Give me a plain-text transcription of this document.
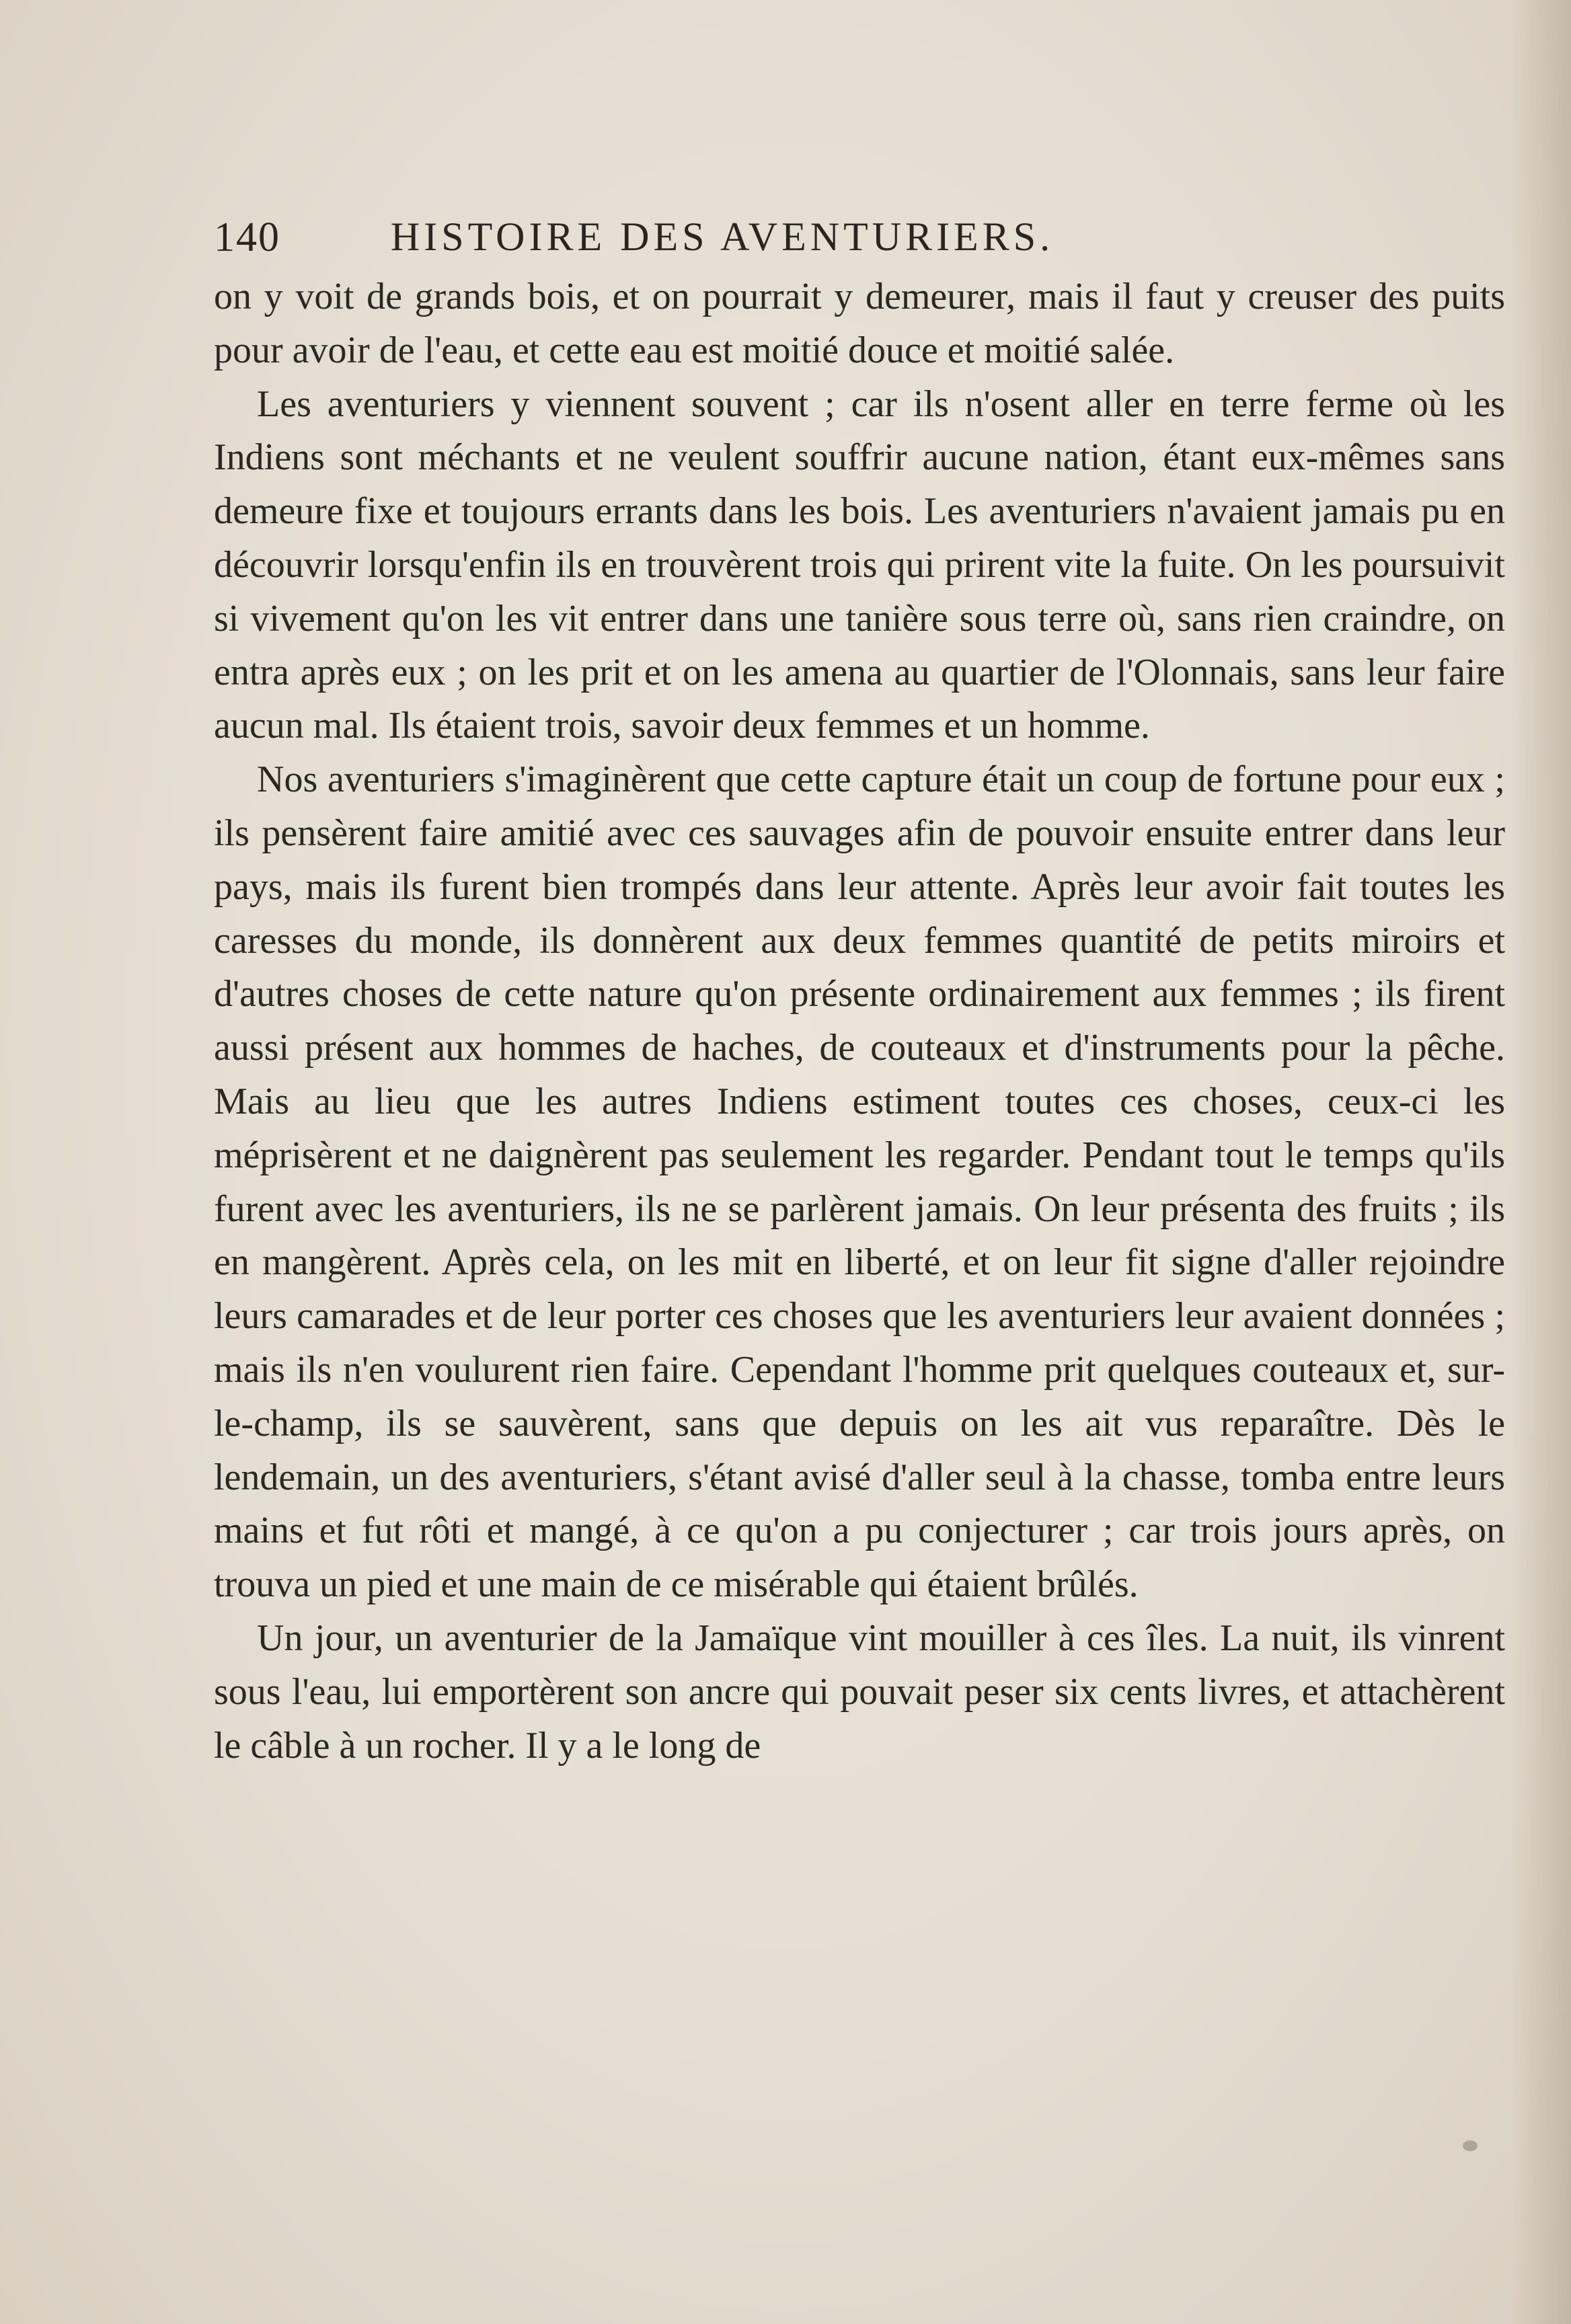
140	HISTOIRE DES AVENTURIERS.

on y voit de grands bois, et on pourrait y demeurer, mais il faut y creuser des puits pour avoir de l'eau, et cette eau est moitié douce et moitié salée.

Les aventuriers y viennent souvent ; car ils n'osent aller en terre ferme où les Indiens sont méchants et ne veulent souffrir aucune nation, étant eux-mêmes sans demeure fixe et toujours errants dans les bois. Les aventuriers n'avaient jamais pu en découvrir lorsqu'enfin ils en trouvèrent trois qui prirent vite la fuite. On les poursuivit si vivement qu'on les vit entrer dans une tanière sous terre où, sans rien craindre, on entra après eux ; on les prit et on les amena au quartier de l'Olonnais, sans leur faire aucun mal. Ils étaient trois, savoir deux femmes et un homme.

Nos aventuriers s'imaginèrent que cette capture était un coup de fortune pour eux ; ils pensèrent faire amitié avec ces sauvages afin de pouvoir ensuite entrer dans leur pays, mais ils furent bien trompés dans leur attente. Après leur avoir fait toutes les caresses du monde, ils donnèrent aux deux femmes quantité de petits miroirs et d'autres choses de cette nature qu'on présente ordinairement aux femmes ; ils firent aussi présent aux hommes de haches, de couteaux et d'instruments pour la pêche. Mais au lieu que les autres Indiens estiment toutes ces choses, ceux-ci les méprisèrent et ne daignèrent pas seulement les regarder. Pendant tout le temps qu'ils furent avec les aventuriers, ils ne se parlèrent jamais. On leur présenta des fruits ; ils en mangèrent. Après cela, on les mit en liberté, et on leur fit signe d'aller rejoindre leurs camarades et de leur porter ces choses que les aventuriers leur avaient données ; mais ils n'en voulurent rien faire. Cependant l'homme prit quelques couteaux et, sur-le-champ, ils se sauvèrent, sans que depuis on les ait vus reparaître. Dès le lendemain, un des aventuriers, s'étant avisé d'aller seul à la chasse, tomba entre leurs mains et fut rôti et mangé, à ce qu'on a pu conjecturer ; car trois jours après, on trouva un pied et une main de ce misérable qui étaient brûlés.

Un jour, un aventurier de la Jamaïque vint mouiller à ces îles. La nuit, ils vinrent sous l'eau, lui emportèrent son ancre qui pouvait peser six cents livres, et attachèrent le câble à un rocher. Il y a le long de
